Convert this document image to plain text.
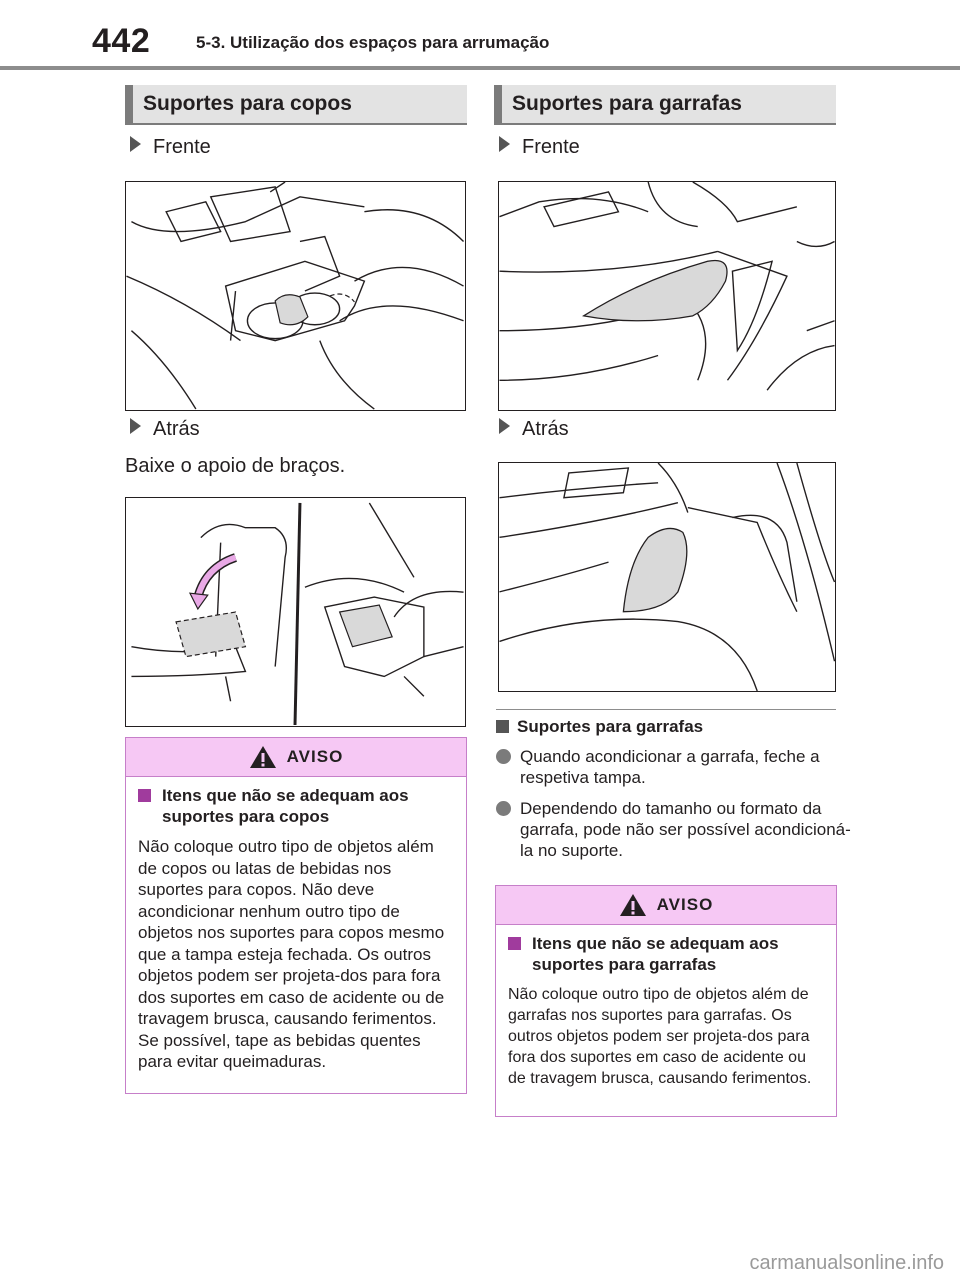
442	5-3. Utilização dos espaços para arrumação
Suportes para copos
Frente
Atrás
Baixe o apoio de braços.
AVISO
Itens que não se adequam aos suportes para copos
Não coloque outro tipo de objetos além de copos ou latas de bebidas nos suportes para copos. Não deve acondicionar nenhum outro tipo de objetos nos suportes para copos mesmo que a tampa esteja fechada. Os outros objetos podem ser projeta-dos para fora dos suportes em caso de acidente ou de travagem brusca, causando ferimentos. Se possível, tape as bebidas quentes para evitar queimaduras.
Suportes para garrafas
Frente
Atrás
Suportes para garrafas
Quando acondicionar a garrafa, feche a respetiva tampa.
Dependendo do tamanho ou formato da garrafa, pode não ser possível acondicioná-la no suporte.
AVISO
Itens que não se adequam aos suportes para garrafas
Não coloque outro tipo de objetos além de garrafas nos suportes para garrafas. Os outros objetos podem ser projeta-dos para fora dos suportes em caso de acidente ou de travagem brusca, causando ferimentos.
carmanualsonline.info
